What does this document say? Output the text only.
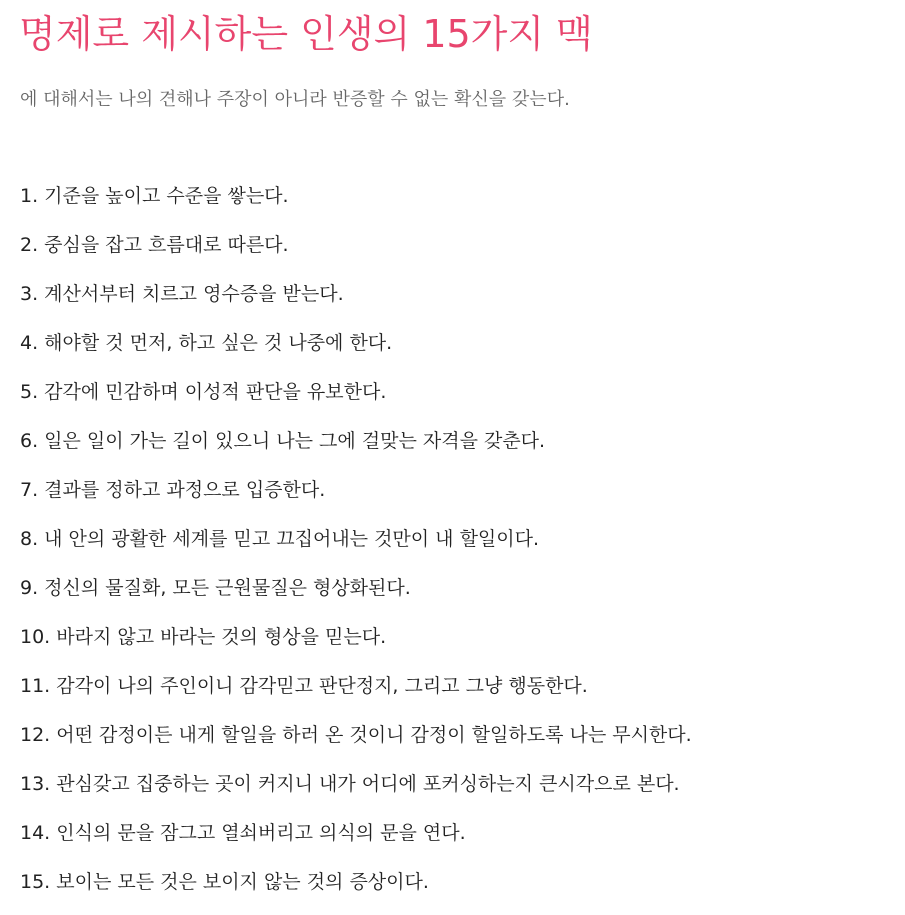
명제로 제시하는 인생의 15가지 맥

에 대해서는 나의 견해나 주장이 아니라 반증할 수 없는 확신을 갖는다.

1. 기준을 높이고 수준을 쌓는다.
2. 중심을 잡고 흐름대로 따른다.
3. 계산서부터 치르고 영수증을 받는다.
4. 해야할 것 먼저, 하고 싶은 것 나중에 한다.
5. 감각에 민감하며 이성적 판단을 유보한다.
6. 일은 일이 가는 길이 있으니 나는 그에 걸맞는 자격을 갖춘다.
7. 결과를 정하고 과정으로 입증한다.
8. 내 안의 광활한 세계를 믿고 끄집어내는 것만이 내 할일이다.
9. 정신의 물질화, 모든 근원물질은 형상화된다.
10. 바라지 않고 바라는 것의 형상을 믿는다.
11. 감각이 나의 주인이니 감각믿고 판단정지, 그리고 그냥 행동한다.
12. 어떤 감정이든 내게 할일을 하러 온 것이니 감정이 할일하도록 나는 무시한다.
13. 관심갖고 집중하는 곳이 커지니 내가 어디에 포커싱하는지 큰시각으로 본다.
14. 인식의 문을 잠그고 열쇠버리고 의식의 문을 연다.
15. 보이는 모든 것은 보이지 않는 것의 증상이다.
